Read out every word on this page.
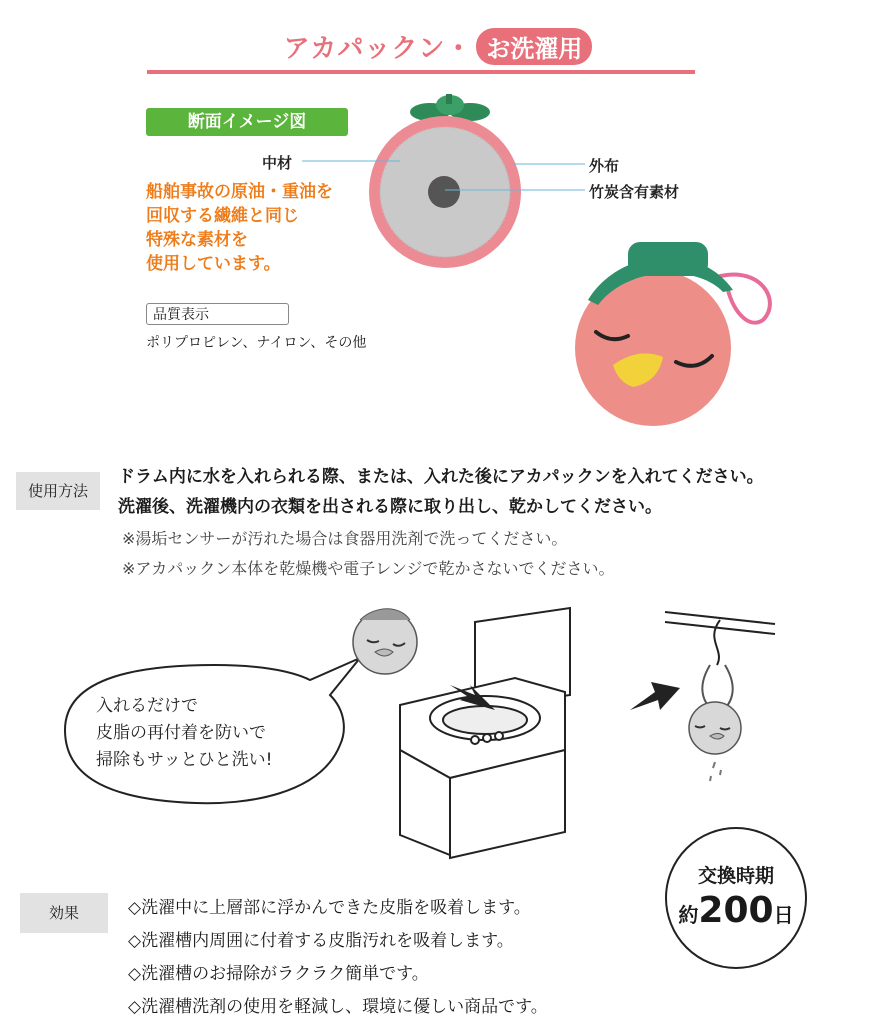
アカパックン・ お洗濯用
断面イメージ図
中材	外布
竹炭含有素材
船舶事故の原油・重油を
回収する繊維と同じ
特殊な素材を
使用しています。
品質表示
ポリプロピレン、ナイロン、その他
使用方法
ドラム内に水を入れられる際、または、入れた後にアカパックンを入れてください。
洗濯後、洗濯機内の衣類を出される際に取り出し、乾かしてください。
※湯垢センサーが汚れた場合は食器用洗剤で洗ってください。
※アカパックン本体を乾燥機や電子レンジで乾かさないでください。
入れるだけで
皮脂の再付着を防いで
掃除もサッとひと洗い!
効果	◇洗濯中に上層部に浮かんできた皮脂を吸着します。
◇洗濯槽内周囲に付着する皮脂汚れを吸着します。
◇洗濯槽のお掃除がラクラク簡単です。
◇洗濯槽洗剤の使用を軽減し、環境に優しい商品です。
交換時期
約200日
